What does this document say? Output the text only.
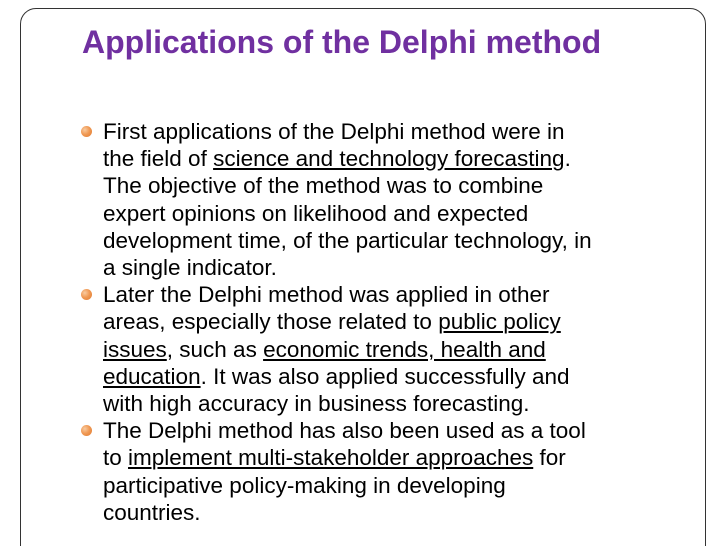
Applications of the Delphi method
First applications of the Delphi method were in
the field of science and technology forecasting.
The objective of the method was to combine
expert opinions on likelihood and expected
development time, of the particular technology, in
a single indicator.
Later the Delphi method was applied in other
areas, especially those related to public policy
issues, such as economic trends, health and
education. It was also applied successfully and
with high accuracy in business forecasting.
The Delphi method has also been used as a tool
to implement multi-stakeholder approaches for
participative policy-making in developing
countries.
